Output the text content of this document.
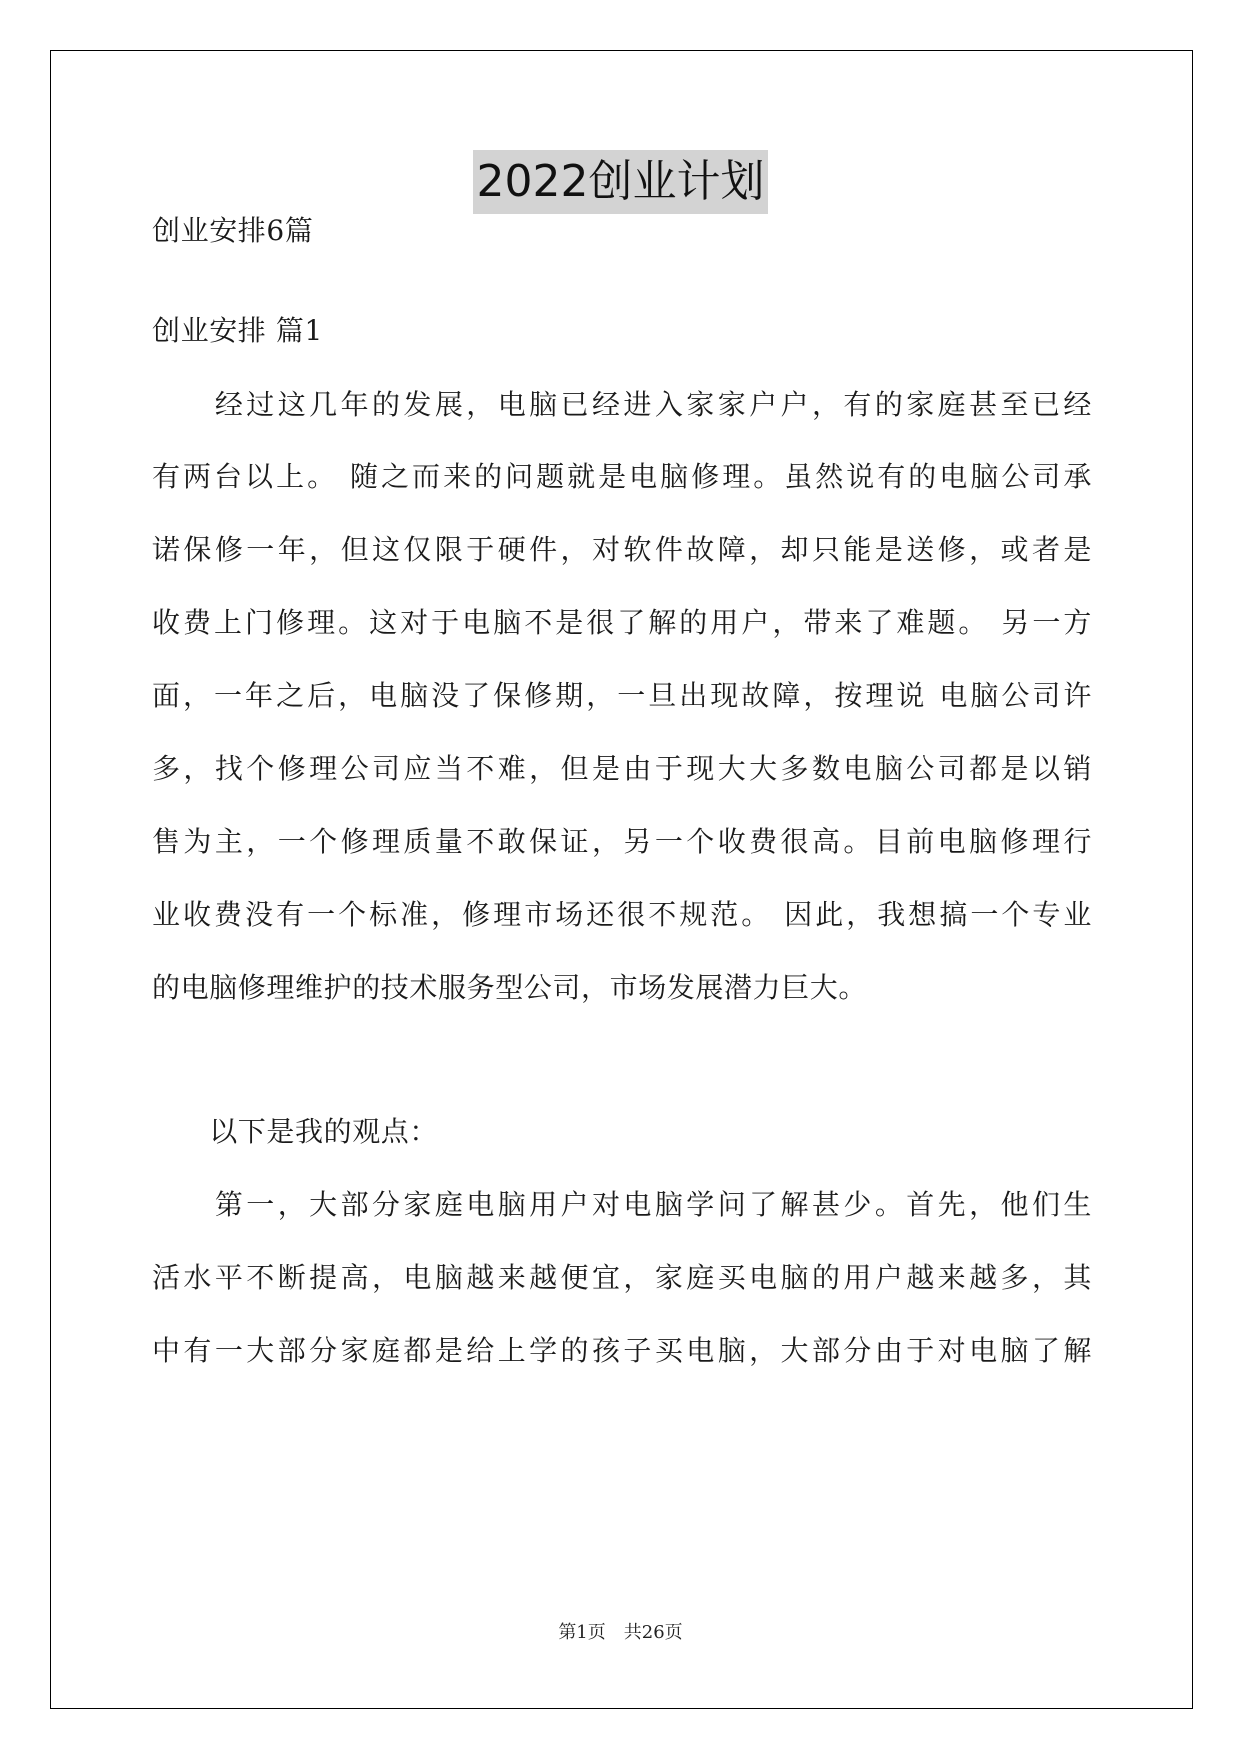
2022创业计划
创业安排6篇
创业安排 篇1
　　经过这几年的发展，电脑已经进入家家户户，有的家庭甚至已经
有两台以上。 随之而来的问题就是电脑修理。虽然说有的电脑公司承
诺保修一年，但这仅限于硬件，对软件故障，却只能是送修，或者是
收费上门修理。这对于电脑不是很了解的用户，带来了难题。 另一方
面，一年之后，电脑没了保修期，一旦出现故障，按理说 电脑公司许
多，找个修理公司应当不难，但是由于现大大多数电脑公司都是以销
售为主，一个修理质量不敢保证，另一个收费很高。目前电脑修理行
业收费没有一个标准，修理市场还很不规范。 因此，我想搞一个专业
的电脑修理维护的技术服务型公司，市场发展潜力巨大。
　　以下是我的观点：
　　第一，大部分家庭电脑用户对电脑学问了解甚少。首先，他们生
活水平不断提高，电脑越来越便宜，家庭买电脑的用户越来越多，其
中有一大部分家庭都是给上学的孩子买电脑，大部分由于对电脑了解
第1页　共26页
